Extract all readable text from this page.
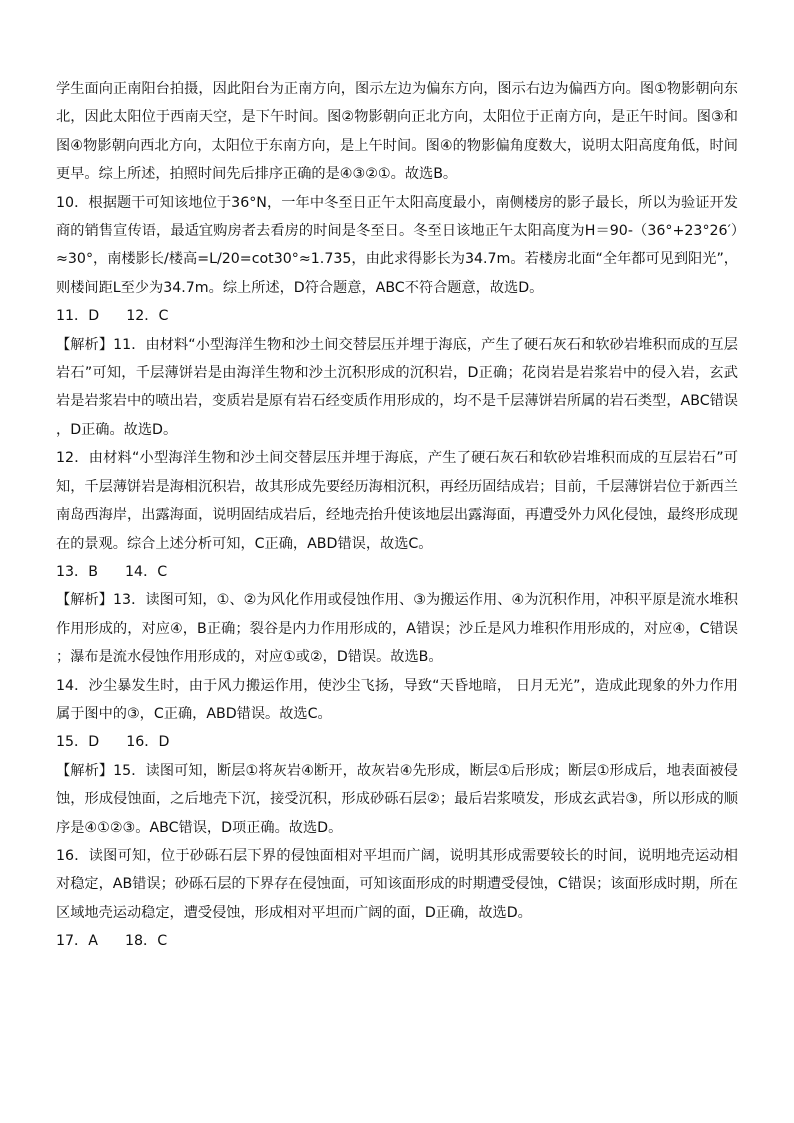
学生面向正南阳台拍摄，因此阳台为正南方向，图示左边为偏东方向，图示右边为偏西方向。图①物影朝向东北，因此太阳位于西南天空，是下午时间。图②物影朝向正北方向，太阳位于正南方向，是正午时间。图③和图④物影朝向西北方向，太阳位于东南方向，是上午时间。图④的物影偏角度数大，说明太阳高度角低，时间更早。综上所述，拍照时间先后排序正确的是④③②①。故选B。

10．根据题干可知该地位于36°N，一年中冬至日正午太阳高度最小，南侧楼房的影子最长，所以为验证开发商的销售宣传语，最适宜购房者去看房的时间是冬至日。冬至日该地正午太阳高度为H＝90-（36°+23°26′）≈30°，南楼影长/楼高=L/20=cot30°≈1.735，由此求得影长为34.7m。若楼房北面“全年都可见到阳光”，则楼间距L至少为34.7m。综上所述，D符合题意，ABC不符合题意，故选D。

11．D      12．C

【解析】11．由材料“小型海洋生物和沙土间交替层压并埋于海底，产生了硬石灰石和软砂岩堆积而成的互层岩石”可知，千层薄饼岩是由海洋生物和沙土沉积形成的沉积岩，D正确；花岗岩是岩浆岩中的侵入岩，玄武岩是岩浆岩中的喷出岩，变质岩是原有岩石经变质作用形成的，均不是千层薄饼岩所属的岩石类型，ABC错误，D正确。故选D。

12．由材料“小型海洋生物和沙土间交替层压并埋于海底，产生了硬石灰石和软砂岩堆积而成的互层岩石”可知，千层薄饼岩是海相沉积岩，故其形成先要经历海相沉积，再经历固结成岩；目前，千层薄饼岩位于新西兰南岛西海岸，出露海面，说明固结成岩后，经地壳抬升使该地层出露海面，再遭受外力风化侵蚀，最终形成现在的景观。综合上述分析可知，C正确，ABD错误，故选C。

13．B      14．C

【解析】13．读图可知，①、②为风化作用或侵蚀作用、③为搬运作用、④为沉积作用，冲积平原是流水堆积作用形成的，对应④，B正确；裂谷是内力作用形成的，A错误；沙丘是风力堆积作用形成的，对应④，C错误；瀑布是流水侵蚀作用形成的，对应①或②，D错误。故选B。

14．沙尘暴发生时，由于风力搬运作用，使沙尘飞扬，导致“天昏地暗， 日月无光”，造成此现象的外力作用属于图中的③，C正确，ABD错误。故选C。

15．D      16．D

【解析】15．读图可知，断层①将灰岩④断开，故灰岩④先形成，断层①后形成；断层①形成后，地表面被侵蚀，形成侵蚀面，之后地壳下沉，接受沉积，形成砂砾石层②；最后岩浆喷发，形成玄武岩③，所以形成的顺序是④①②③。ABC错误，D项正确。故选D。

16．读图可知，位于砂砾石层下界的侵蚀面相对平坦而广阔，说明其形成需要较长的时间，说明地壳运动相对稳定，AB错误；砂砾石层的下界存在侵蚀面，可知该面形成的时期遭受侵蚀，C错误；该面形成时期，所在区域地壳运动稳定，遭受侵蚀，形成相对平坦而广阔的面，D正确，故选D。

17．A      18．C
